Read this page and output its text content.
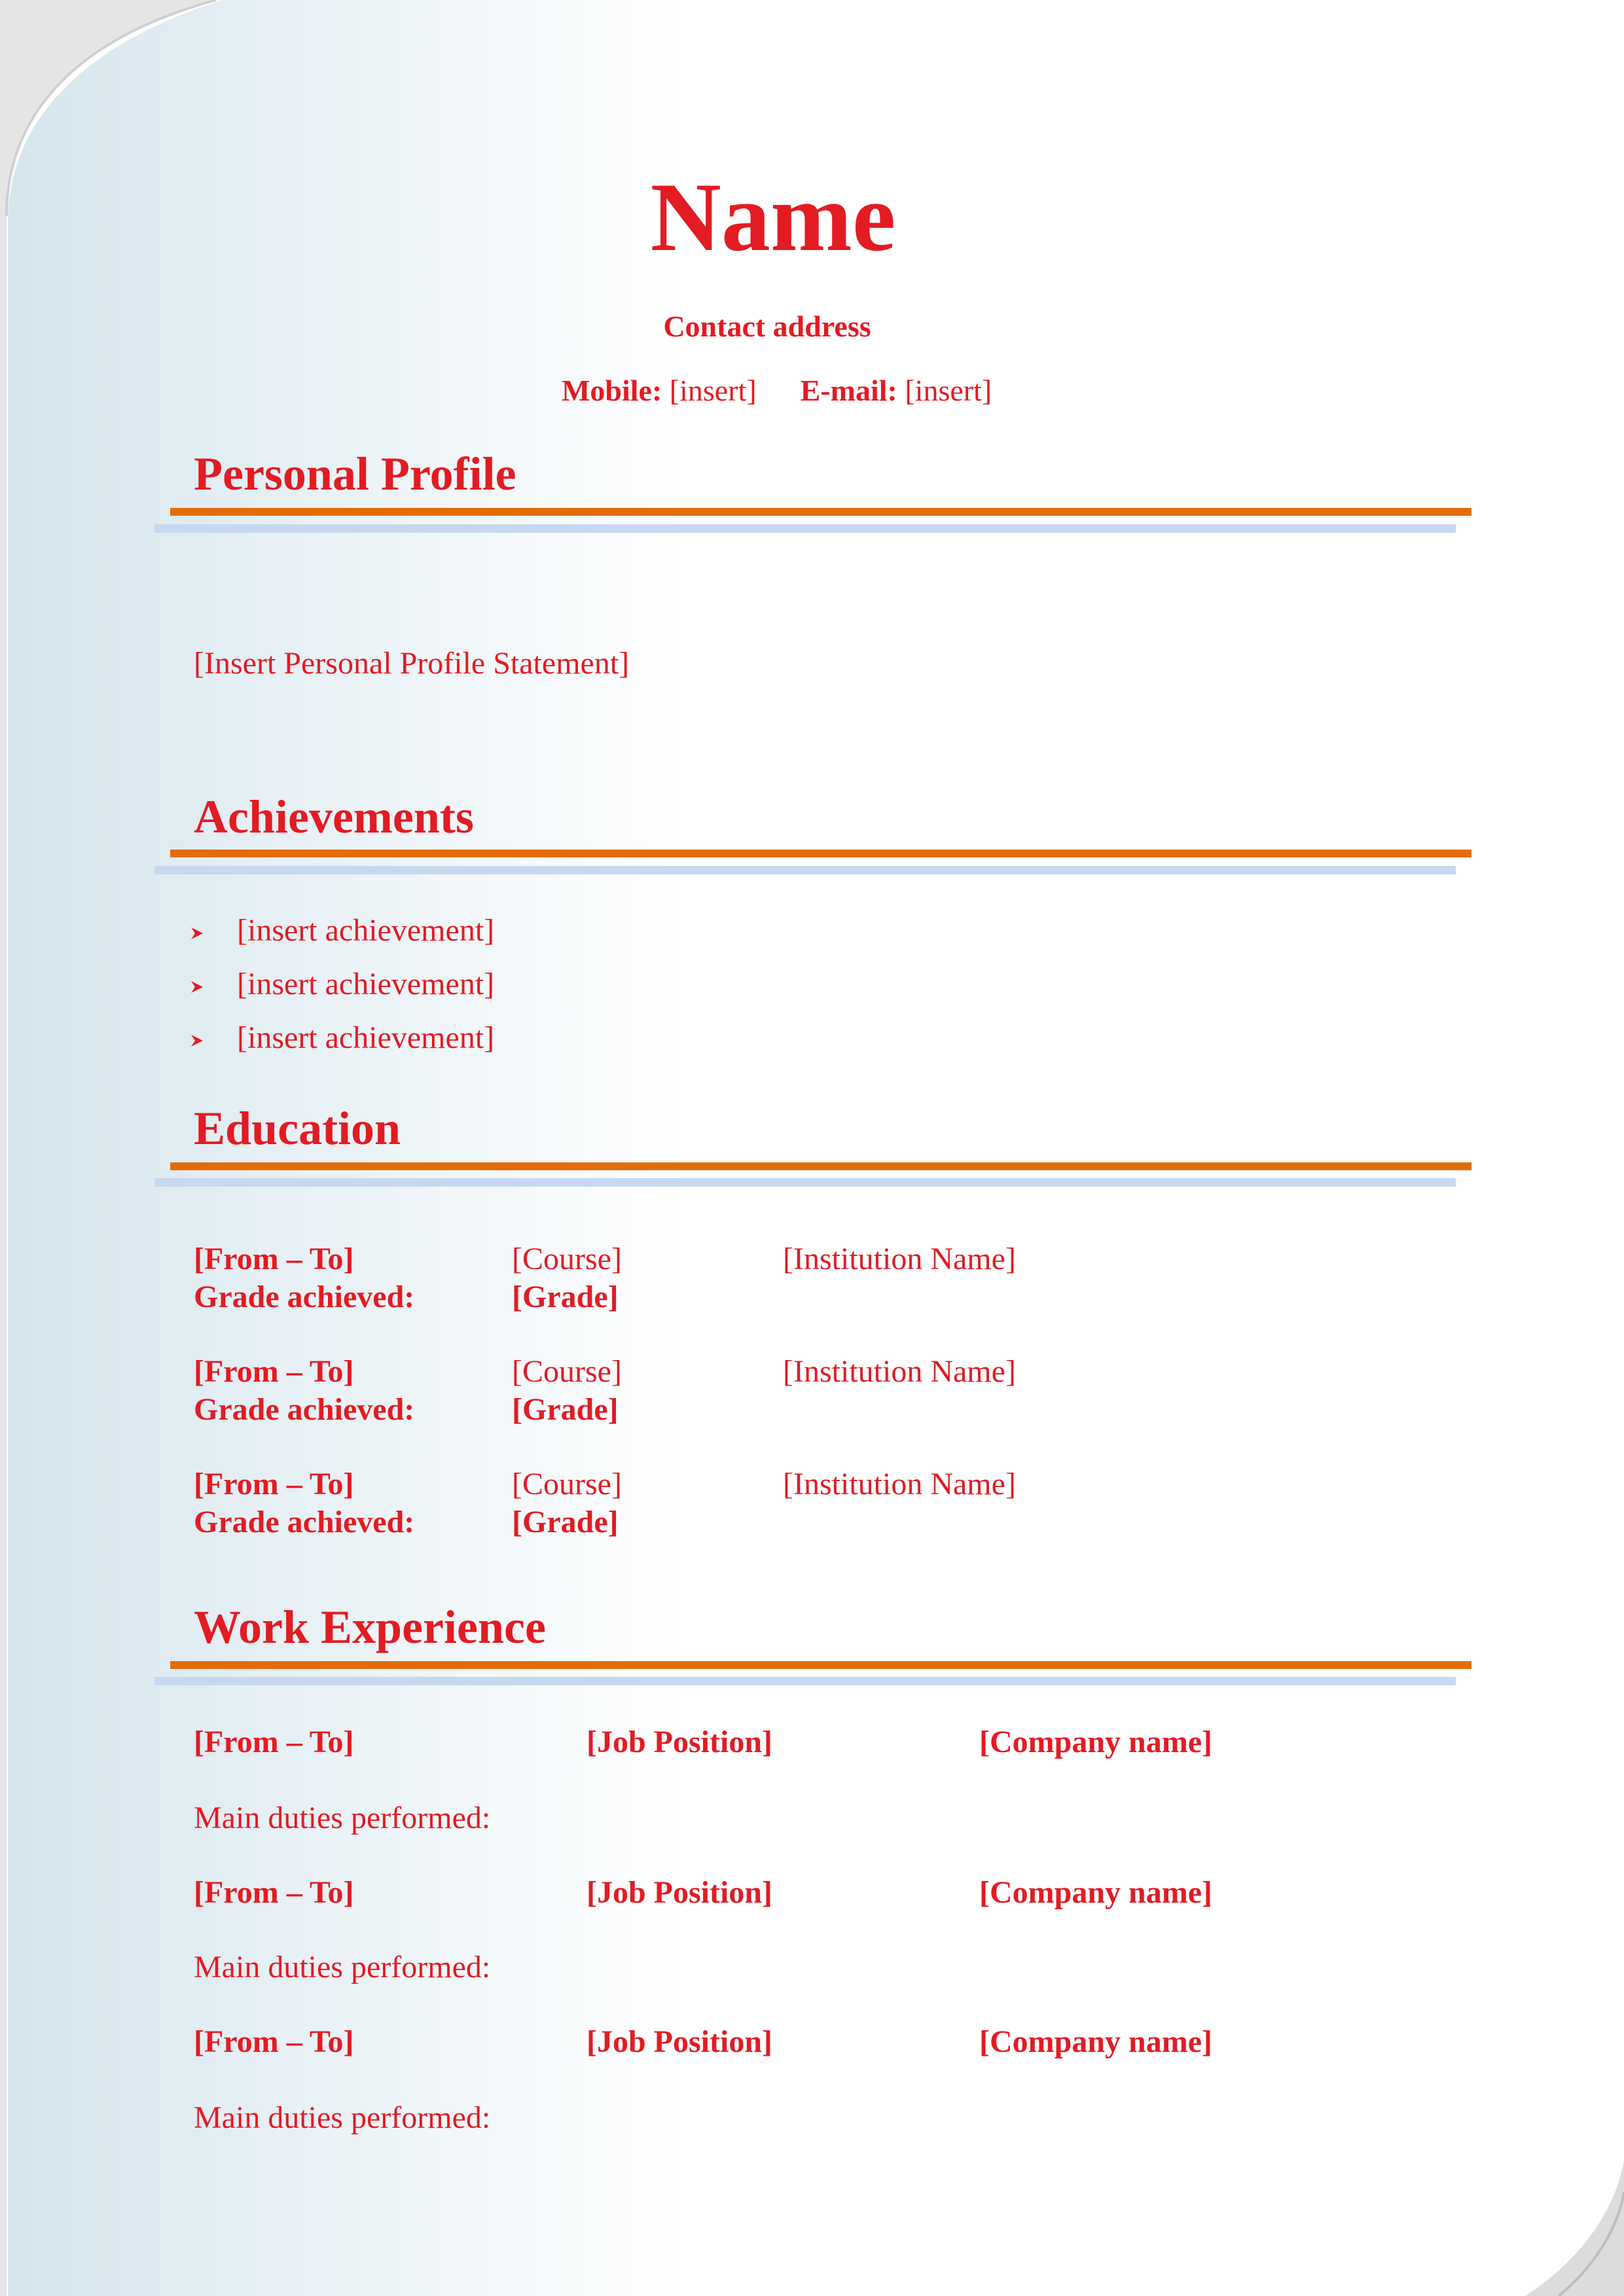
Name
Contact address
Mobile: [insert] E-mail: [insert]
Personal Profile
[Insert Personal Profile Statement]
Achievements
[insert achievement]
[insert achievement]
[insert achievement]
Education
[From – To]	[Course]	[Institution Name]
Grade achieved:	[Grade]
[From – To]	[Course]	[Institution Name]
Grade achieved:	[Grade]
[From – To]	[Course]	[Institution Name]
Grade achieved:	[Grade]
Work Experience
[From – To]	[Job Position]	[Company name]
Main duties performed:
[From – To]	[Job Position]	[Company name]
Main duties performed:
[From – To]	[Job Position]	[Company name]
Main duties performed:
